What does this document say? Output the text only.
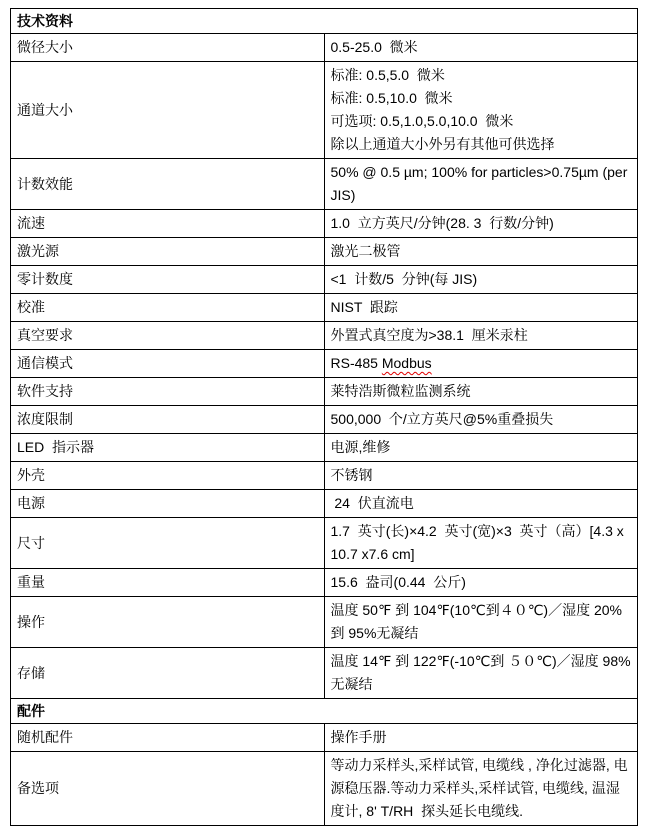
技术资料	
微径大小	0.5-25.0  微米

通道大小	标准: 0.5,5.0  微米
标准: 0.5,10.0  微米
可选项: 0.5,1.0,5.0,10.0  微米
除以上通道大小外另有其他可供选择

计数效能	50% @ 0.5 µm; 100% for particles>0.75µm (per JIS)

流速	1.0  立方英尺/分钟(28. 3  行数/分钟)

激光源	激光二极管

零计数度	<1  计数/5  分钟(每 JIS)

校准	NIST  跟踪

真空要求	外置式真空度为>38.1  厘米汞柱

通信模式	RS-485 Modbus

软件支持	莱特浩斯微粒监测系统

浓度限制	500,000  个/立方英尺@5%重叠损失

LED  指示器	电源,维修

外壳	不锈钢

电源	24  伏直流电

尺寸	1.7  英寸(长)×4.2  英寸(宽)×3  英寸（高）[4.3 x 10.7 x7.6 cm]

重量	15.6  盎司(0.44  公斤)

操作	温度 50℉ 到 104℉(10℃到４０℃)／湿度 20%到 95%无凝结

存储	温度 14℉ 到 122℉(-10℃到 ５０℃)／湿度 98%无凝结

配件	
随机配件	操作手册

备选项	等动力采样头,采样试管, 电缆线 , 净化过滤器, 电源稳压器.等动力采样头,采样试管, 电缆线, 温湿度计, 8' T/RH  探头延长电缆线.
